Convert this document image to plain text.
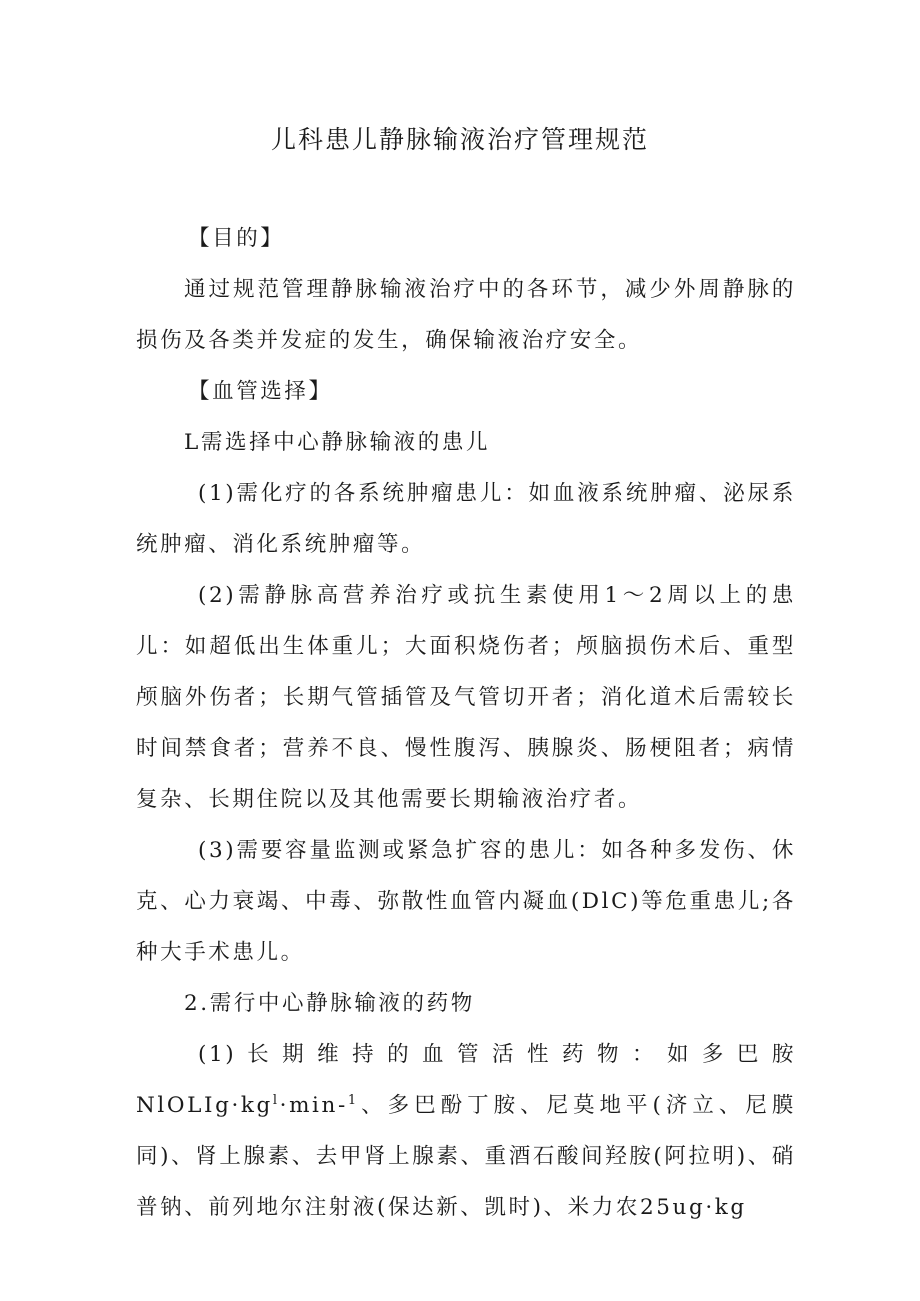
儿科患儿静脉输液治疗管理规范

【目的】

通过规范管理静脉输液治疗中的各环节，减少外周静脉的损伤及各类并发症的发生，确保输液治疗安全。

【血管选择】

L需选择中心静脉输液的患儿

(1)需化疗的各系统肿瘤患儿：如血液系统肿瘤、泌尿系统肿瘤、消化系统肿瘤等。

(2)需静脉高营养治疗或抗生素使用1～2周以上的患儿：如超低出生体重儿；大面积烧伤者；颅脑损伤术后、重型颅脑外伤者；长期气管插管及气管切开者；消化道术后需较长时间禁食者；营养不良、慢性腹泻、胰腺炎、肠梗阻者；病情复杂、长期住院以及其他需要长期输液治疗者。

(3)需要容量监测或紧急扩容的患儿：如各种多发伤、休克、心力衰竭、中毒、弥散性血管内凝血(DlC)等危重患儿;各种大手术患儿。

2.需行中心静脉输液的药物

(1)长期维持的血管活性药物：如多巴胺$NlOLIg\cdot kg^l\cdot\min-^1$、多巴酚丁胺、尼莫地平(济立、尼膜同)、肾上腺素、去甲肾上腺素、重酒石酸间羟胺(阿拉明)、硝普钠、前列地尔注射液(保达新、凯时)、米力农25ug·kg
